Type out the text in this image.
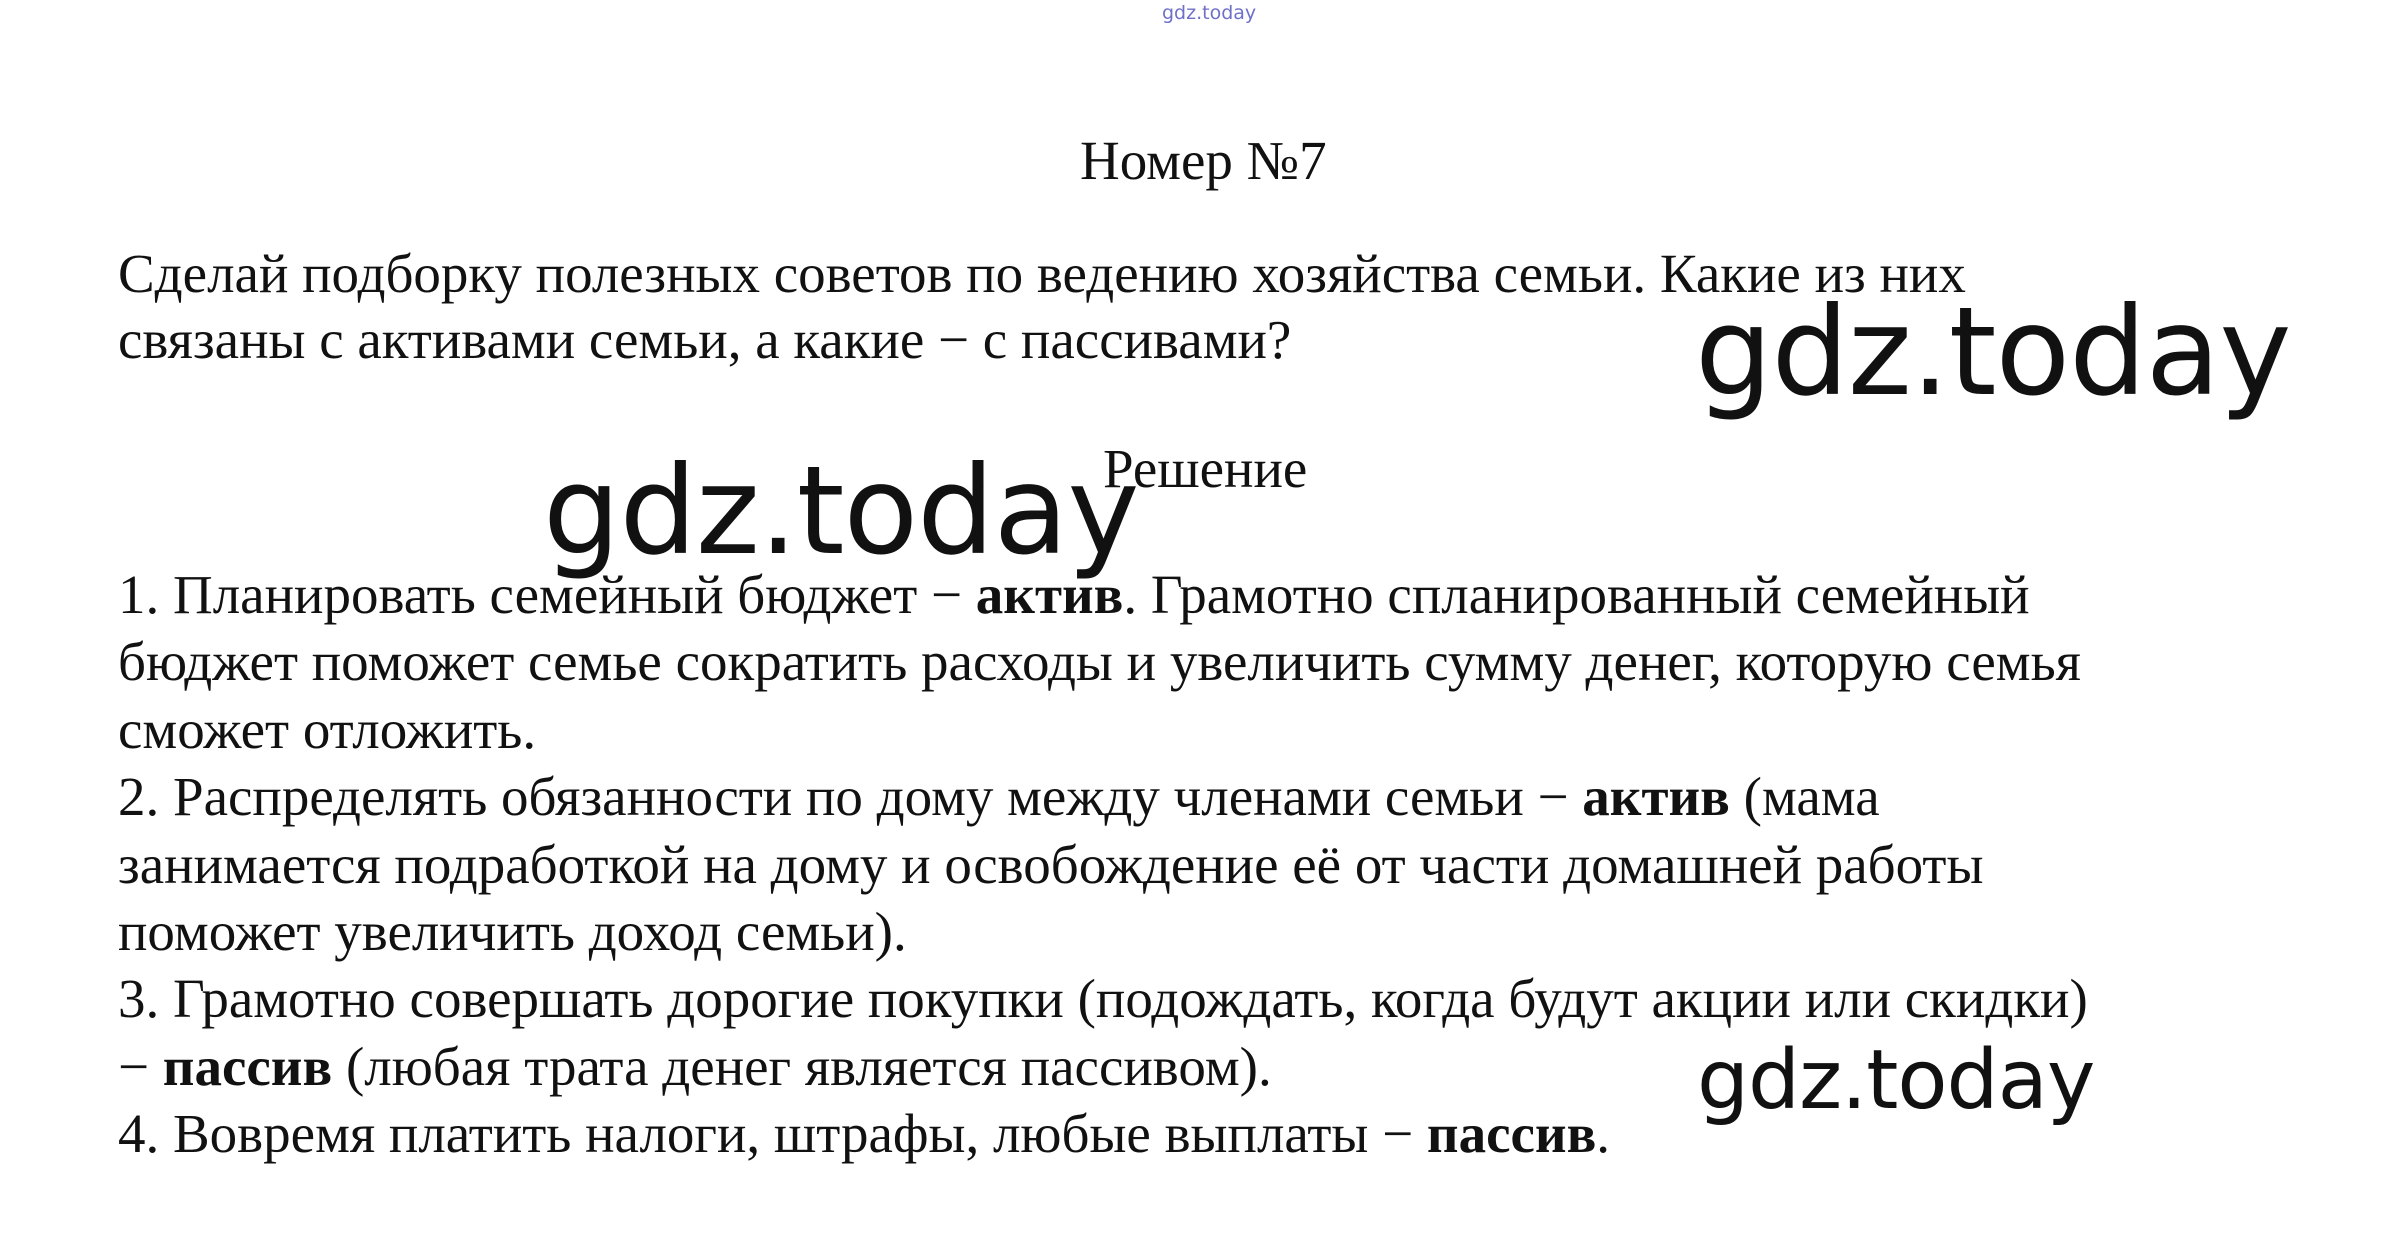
gdz.today
Номер №7
Сделай подборку полезных советов по ведению хозяйства семьи. Какие из них
связаны с активами семьи, а какие − с пассивами?
Решение
1. Планировать семейный бюджет − актив. Грамотно спланированный семейный
бюджет поможет семье сократить расходы и увеличить сумму денег, которую семья
сможет отложить.
2. Распределять обязанности по дому между членами семьи − актив (мама
занимается подработкой на дому и освобождение её от части домашней работы
поможет увеличить доход семьи).
3. Грамотно совершать дорогие покупки (подождать, когда будут акции или скидки)
− пассив (любая трата денег является пассивом).
4. Вовремя платить налоги, штрафы, любые выплаты − пассив.
gdz.today
gdz.today
gdz.today
